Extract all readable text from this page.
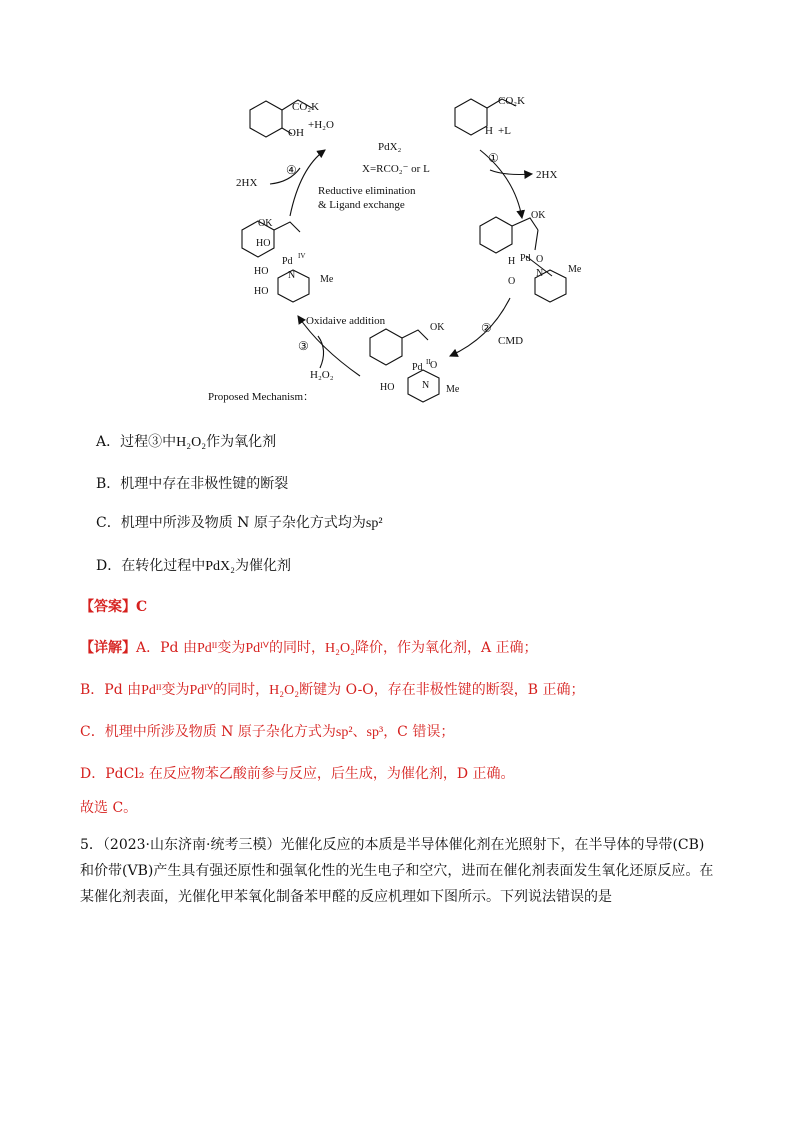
CO₂K
OH
+H₂O
CO₂K
H +L
PdX₂
X=RCO₂⁻ or L
①
2HX
④
2HX
Reductive elimination
& Ligand exchange
OK
Pd O
H
N Me
O
OK
HO
Pd IV
HO N Me
HO
Oxidaive addition
③
H₂O₂
Proposed Mechanism：
②
CMD
OK
Pd II O
HO	N Me
A．过程③中H₂O₂作为氧化剂
B．机理中存在非极性键的断裂
C．机理中所涉及物质 N 原子杂化方式均为sp²
D．在转化过程中PdX₂为催化剂
【答案】C
【详解】A．Pd 由Pdᴵᴵ变为Pdᴵⱽ的同时，H₂O₂降价，作为氧化剂，A 正确；
B．Pd 由Pdᴵᴵ变为Pdᴵⱽ的同时，H₂O₂断键为 O-O，存在非极性键的断裂，B 正确；
C．机理中所涉及物质 N 原子杂化方式为sp²、sp³，C 错误；
D．PdCl₂ 在反应物苯乙酸前参与反应，后生成，为催化剂，D 正确。
故选 C。
5．（2023·山东济南·统考三模）光催化反应的本质是半导体催化剂在光照射下，在半导体的导带(CB)和价带(VB)产生具有强还原性和强氧化性的光生电子和空穴，进而在催化剂表面发生氧化还原反应。在某催化剂表面，光催化甲苯氧化制备苯甲醛的反应机理如下图所示。下列说法错误的是
